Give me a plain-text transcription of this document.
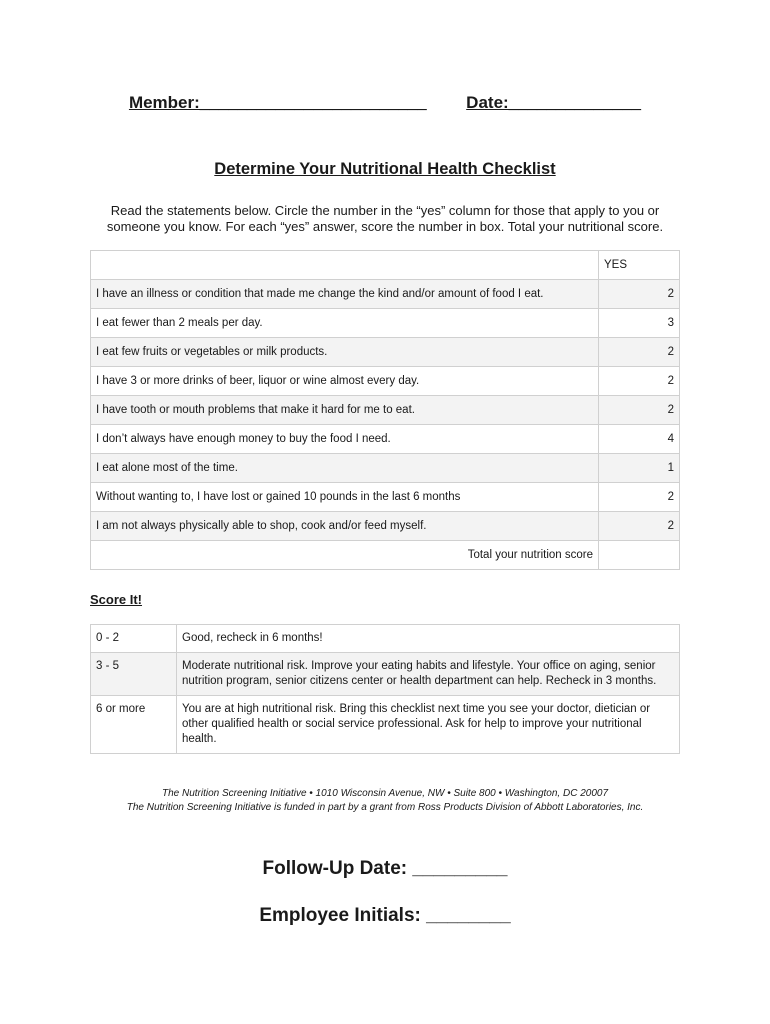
Member:________________________ Date:______________
Determine Your Nutritional Health Checklist
Read the statements below. Circle the number in the “yes” column for those that apply to you or someone you know. For each “yes” answer, score the number in box. Total your nutritional score.
	YES
I have an illness or condition that made me change the kind and/or amount of food I eat.	2
I eat fewer than 2 meals per day.	3
I eat few fruits or vegetables or milk products.	2
I have 3 or more drinks of beer, liquor or wine almost every day.	2
I have tooth or mouth problems that make it hard for me to eat.	2
I don’t always have enough money to buy the food I need.	4
I eat alone most of the time.	1
Without wanting to, I have lost or gained 10 pounds in the last 6 months	2
I am not always physically able to shop, cook and/or feed myself.	2
Total your nutrition score	
Score It!
0 - 2	Good, recheck in 6 months!
3 - 5	Moderate nutritional risk. Improve your eating habits and lifestyle. Your office on aging, senior nutrition program, senior citizens center or health department can help. Recheck in 3 months.
6 or more	You are at high nutritional risk. Bring this checklist next time you see your doctor, dietician or other qualified health or social service professional. Ask for help to improve your nutritional health.
The Nutrition Screening Initiative • 1010 Wisconsin Avenue, NW • Suite 800 • Washington, DC 20007
The Nutrition Screening Initiative is funded in part by a grant from Ross Products Division of Abbott Laboratories, Inc.
Follow-Up Date: _________
Employee Initials: ________
